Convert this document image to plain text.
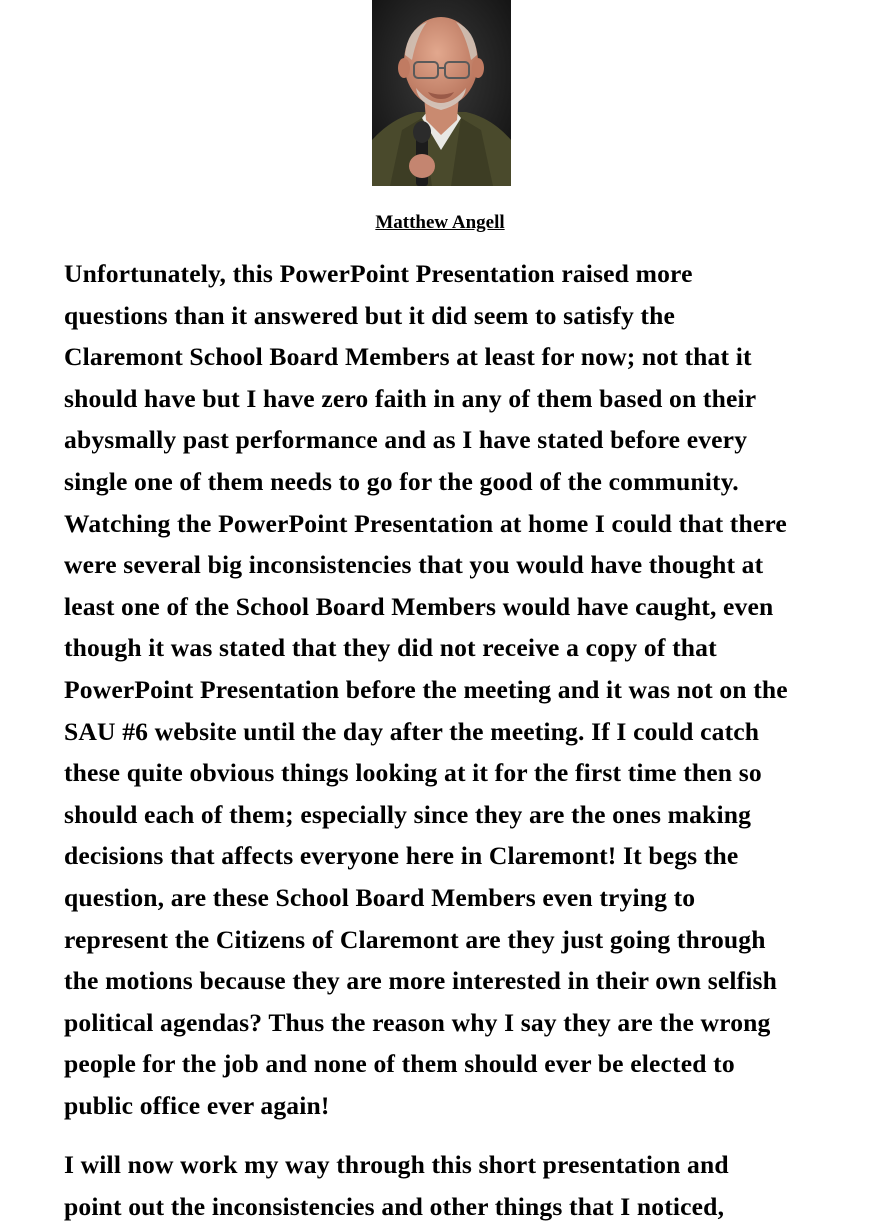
Matthew Angell

Unfortunately, this PowerPoint Presentation raised more
questions than it answered but it did seem to satisfy the
Claremont School Board Members at least for now; not that it
should have but I have zero faith in any of them based on their
abysmally past performance and as I have stated before every
single one of them needs to go for the good of the community.
Watching the PowerPoint Presentation at home I could that there
were several big inconsistencies that you would have thought at
least one of the School Board Members would have caught, even
though it was stated that they did not receive a copy of that
PowerPoint Presentation before the meeting and it was not on the
SAU #6 website until the day after the meeting. If I could catch
these quite obvious things looking at it for the first time then so
should each of them; especially since they are the ones making
decisions that affects everyone here in Claremont! It begs the
question, are these School Board Members even trying to
represent the Citizens of Claremont are they just going through
the motions because they are more interested in their own selfish
political agendas? Thus the reason why I say they are the wrong
people for the job and none of them should ever be elected to
public office ever again!

I will now work my way through this short presentation and
point out the inconsistencies and other things that I noticed,
